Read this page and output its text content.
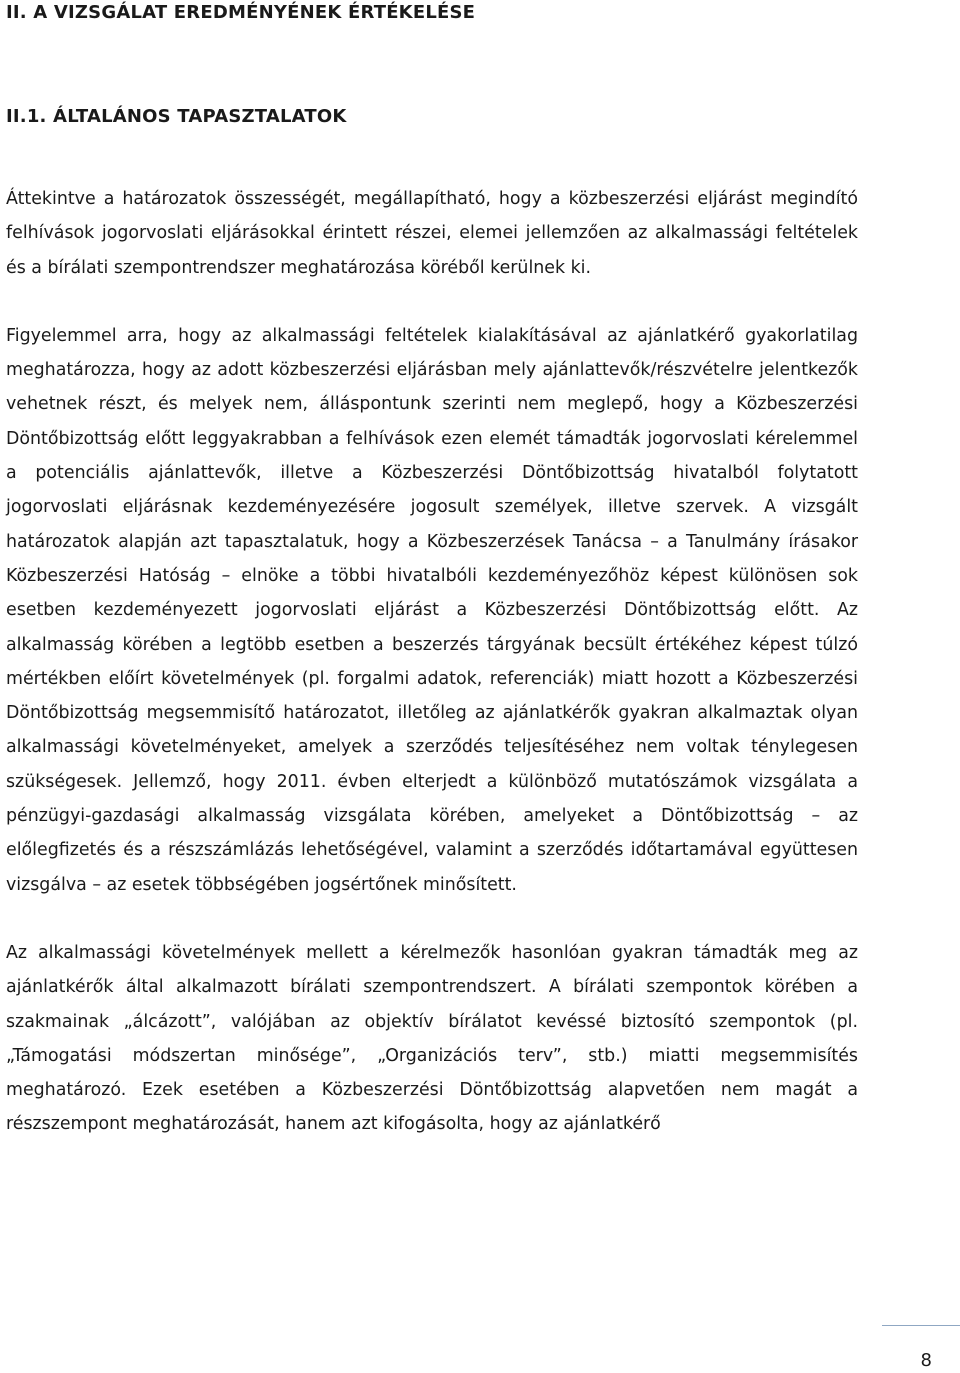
II. A VIZSGÁLAT EREDMÉNYÉNEK ÉRTÉKELÉSE
II.1. ÁLTALÁNOS TAPASZTALATOK

Áttekintve a határozatok összességét, megállapítható, hogy a közbeszerzési eljárást megindító felhívások jogorvoslati eljárásokkal érintett részei, elemei jellemzően az alkalmassági feltételek és a bírálati szempontrendszer meghatározása köréből kerülnek ki.

Figyelemmel arra, hogy az alkalmassági feltételek kialakításával az ajánlatkérő gyakorlatilag meghatározza, hogy az adott közbeszerzési eljárásban mely ajánlattevők/részvételre jelentkezők vehetnek részt, és melyek nem, álláspontunk szerinti nem meglepő, hogy a Közbeszerzési Döntőbizottság előtt leggyakrabban a felhívások ezen elemét támadták jogorvoslati kérelemmel a potenciális ajánlattevők, illetve a Közbeszerzési Döntőbizottság hivatalból folytatott jogorvoslati eljárásnak kezdeményezésére jogosult személyek, illetve szervek. A vizsgált határozatok alapján azt tapasztalatuk, hogy a Közbeszerzések Tanácsa – a Tanulmány írásakor Közbeszerzési Hatóság – elnöke a többi hivatalbóli kezdeményezőhöz képest különösen sok esetben kezdeményezett jogorvoslati eljárást a Közbeszerzési Döntőbizottság előtt. Az alkalmasság körében a legtöbb esetben a beszerzés tárgyának becsült értékéhez képest túlzó mértékben előírt követelmények (pl. forgalmi adatok, referenciák) miatt hozott a Közbeszerzési Döntőbizottság megsemmisítő határozatot, illetőleg az ajánlatkérők gyakran alkalmaztak olyan alkalmassági követelményeket, amelyek a szerződés teljesítéséhez nem voltak ténylegesen szükségesek. Jellemző, hogy 2011. évben elterjedt a különböző mutatószámok vizsgálata a pénzügyi-gazdasági alkalmasság vizsgálata körében, amelyeket a Döntőbizottság – az előlegfizetés és a részszámlázás lehetőségével, valamint a szerződés időtartamával együttesen vizsgálva – az esetek többségében jogsértőnek minősített.

Az alkalmassági követelmények mellett a kérelmezők hasonlóan gyakran támadták meg az ajánlatkérők által alkalmazott bírálati szempontrendszert. A bírálati szempontok körében a szakmainak „álcázott”, valójában az objektív bírálatot kevéssé biztosító szempontok (pl. „Támogatási módszertan minősége”, „Organizációs terv”, stb.) miatti megsemmisítés meghatározó. Ezek esetében a Közbeszerzési Döntőbizottság alapvetően nem magát a részszempont meghatározását, hanem azt kifogásolta, hogy az ajánlatkérő

8
